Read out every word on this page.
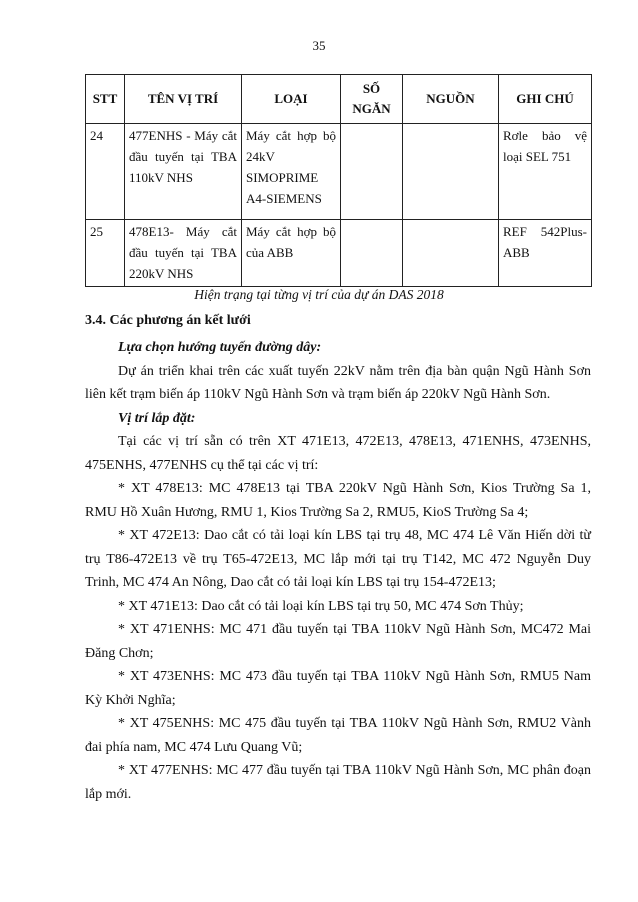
35
STT	TÊN VỊ TRÍ	LOẠI	SỐ NGĂN	NGUỒN	GHI CHÚ
24	477ENHS - Máy cắt đầu tuyến tại TBA 110kV NHS	Máy cắt hợp bộ 24kV SIMOPRIME A4-SIEMENS			Rơle bảo vệ loại SEL 751
25	478E13- Máy cắt đầu tuyến tại TBA 220kV NHS	Máy cắt hợp bộ của ABB			REF 542Plus-ABB
Hiện trạng tại từng vị trí của dự án DAS 2018
3.4. Các phương án kết lưới

Lựa chọn hướng tuyến đường dây:

Dự án triển khai trên các xuất tuyến 22kV nằm trên địa bàn quận Ngũ Hành Sơn liên kết trạm biến áp 110kV Ngũ Hành Sơn và trạm biến áp 220kV Ngũ Hành Sơn.

Vị trí lắp đặt:

Tại các vị trí sẵn có trên XT 471E13, 472E13, 478E13, 471ENHS, 473ENHS, 475ENHS, 477ENHS cụ thể tại các vị trí:

* XT 478E13: MC 478E13 tại TBA 220kV Ngũ Hành Sơn, Kios Trường Sa 1, RMU Hồ Xuân Hương, RMU 1, Kios Trường Sa 2, RMU5, KioS Trường Sa 4;

* XT 472E13: Dao cắt có tải loại kín LBS tại trụ 48, MC 474 Lê Văn Hiến dời từ trụ T86-472E13 về trụ T65-472E13, MC lắp mới tại trụ T142, MC 472 Nguyễn Duy Trinh, MC 474 An Nông, Dao cắt có tải loại kín LBS tại trụ 154-472E13;

* XT 471E13: Dao cắt có tải loại kín LBS tại trụ 50, MC 474 Sơn Thủy;

* XT 471ENHS: MC 471 đầu tuyến tại TBA 110kV Ngũ Hành Sơn, MC472 Mai Đăng Chơn;

* XT 473ENHS: MC 473 đầu tuyến tại TBA 110kV Ngũ Hành Sơn, RMU5 Nam Kỳ Khởi Nghĩa;

* XT 475ENHS: MC 475 đầu tuyến tại TBA 110kV Ngũ Hành Sơn, RMU2 Vành đai phía nam, MC 474 Lưu Quang Vũ;

* XT 477ENHS: MC 477 đầu tuyến tại TBA 110kV Ngũ Hành Sơn, MC phân đoạn lắp mới.
